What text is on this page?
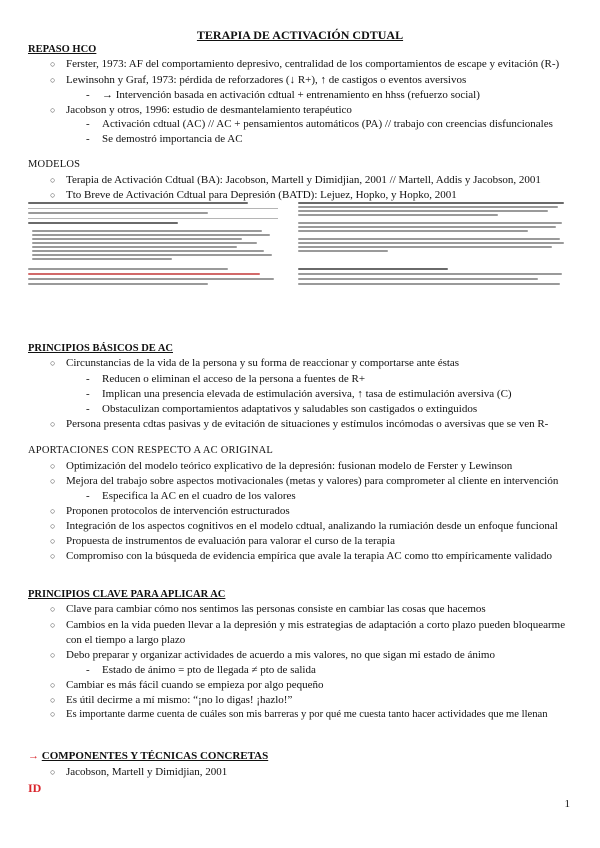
TERAPIA DE ACTIVACIÓN CDTUAL
REPASO HCO
○ Ferster, 1973: AF del comportamiento depresivo, centralidad de los comportamientos de escape y evitación (R-)
○ Lewinsohn y Graf, 1973: pérdida de reforzadores (↓ R+), ↑ de castigos o eventos aversivos
- → Intervención basada en activación cdtual + entrenamiento en hhss (refuerzo social)
○ Jacobson y otros, 1996: estudio de desmantelamiento terapéutico
- Activación cdtual (AC) // AC + pensamientos automáticos (PA) // trabajo con creencias disfuncionales
- Se demostró importancia de AC
MODELOS
○ Terapia de Activación Cdtual (BA): Jacobson, Martell y Dimidjian, 2001 // Martell, Addis y Jacobson, 2001
○ Tto Breve de Activación Cdtual para Depresión (BATD): Lejuez, Hopko, y Hopko, 2001
PRINCIPIOS BÁSICOS DE AC
○ Circunstancias de la vida de la persona y su forma de reaccionar y comportarse ante éstas
- Reducen o eliminan el acceso de la persona a fuentes de R+
- Implican una presencia elevada de estimulación aversiva, ↑ tasa de estimulación aversiva (C)
- Obstaculizan comportamientos adaptativos y saludables son castigados o extinguidos
○ Persona presenta cdtas pasivas y de evitación de situaciones y estímulos incómodas o aversivas que se ven R-
APORTACIONES CON RESPECTO A AC ORIGINAL
○ Optimización del modelo teórico explicativo de la depresión: fusionan modelo de Ferster y Lewinson
○ Mejora del trabajo sobre aspectos motivacionales (metas y valores) para comprometer al cliente en intervención
- Especifica la AC en el cuadro de los valores
○ Proponen protocolos de intervención estructurados
○ Integración de los aspectos cognitivos en el modelo cdtual, analizando la rumiación desde un enfoque funcional
○ Propuesta de instrumentos de evaluación para valorar el curso de la terapia
○ Compromiso con la búsqueda de evidencia empírica que avale la terapia AC como tto empíricamente validado
PRINCIPIOS CLAVE PARA APLICAR AC
○ Clave para cambiar cómo nos sentimos las personas consiste en cambiar las cosas que hacemos
○ Cambios en la vida pueden llevar a la depresión y mis estrategias de adaptación a corto plazo pueden bloquearme
con el tiempo a largo plazo
○ Debo preparar y organizar actividades de acuerdo a mis valores, no que sigan mi estado de ánimo
- Estado de ánimo = pto de llegada ≠ pto de salida
○ Cambiar es más fácil cuando se empieza por algo pequeño
○ Es útil decirme a mí mismo: “¡no lo digas! ¡hazlo!”
○ Es importante darme cuenta de cuáles son mis barreras y por qué me cuesta tanto hacer actividades que me llenan
→ COMPONENTES Y TÉCNICAS CONCRETAS
○ Jacobson, Martell y Dimidjian, 2001
ID
1
